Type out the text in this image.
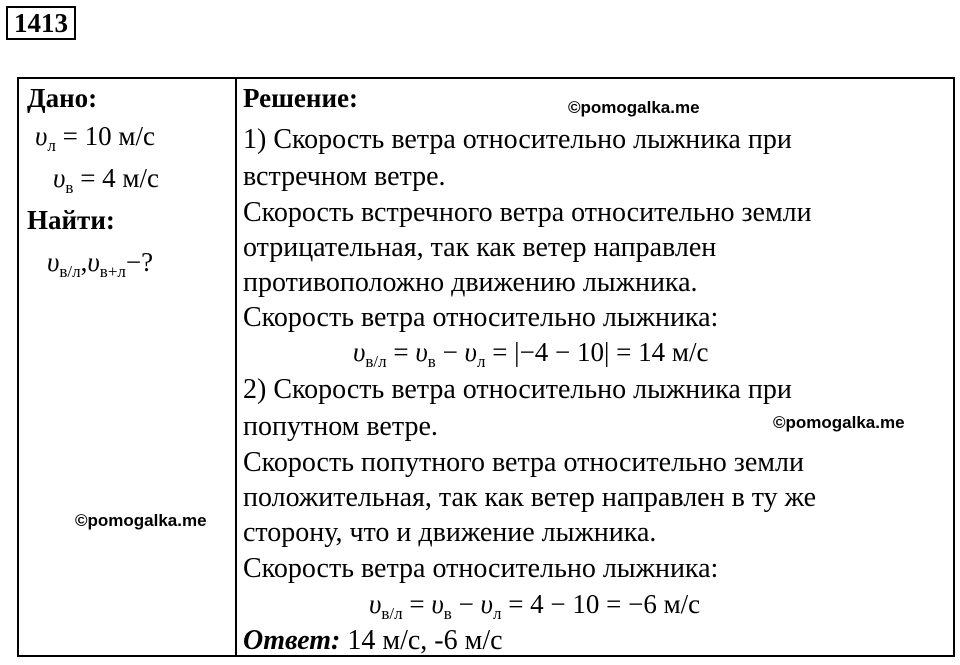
1413
Дано:
$\upsilon_л = 10$ м/с
$\upsilon_в = 4$ м/с
Найти:
$\upsilon_{в/л},\upsilon_{в+л}-$?
©pomogalka.me
Решение:	©pomogalka.me
1) Скорость ветра относительно лыжника при
встречном ветре.
Скорость встречного ветра относительно земли
отрицательная, так как ветер направлен
противоположно движению лыжника.
Скорость ветра относительно лыжника:
$\upsilon_{в/л} = \upsilon_в - \upsilon_л = |-4 - 10| = 14$ м/с
2) Скорость ветра относительно лыжника при
попутном ветре.	©pomogalka.me
Скорость попутного ветра относительно земли
положительная, так как ветер направлен в ту же
сторону, что и движение лыжника.
Скорость ветра относительно лыжника:
$\upsilon_{в/л} = \upsilon_в - \upsilon_л = 4 - 10 = -6$ м/с
Ответ: 14 м/с, -6 м/с
